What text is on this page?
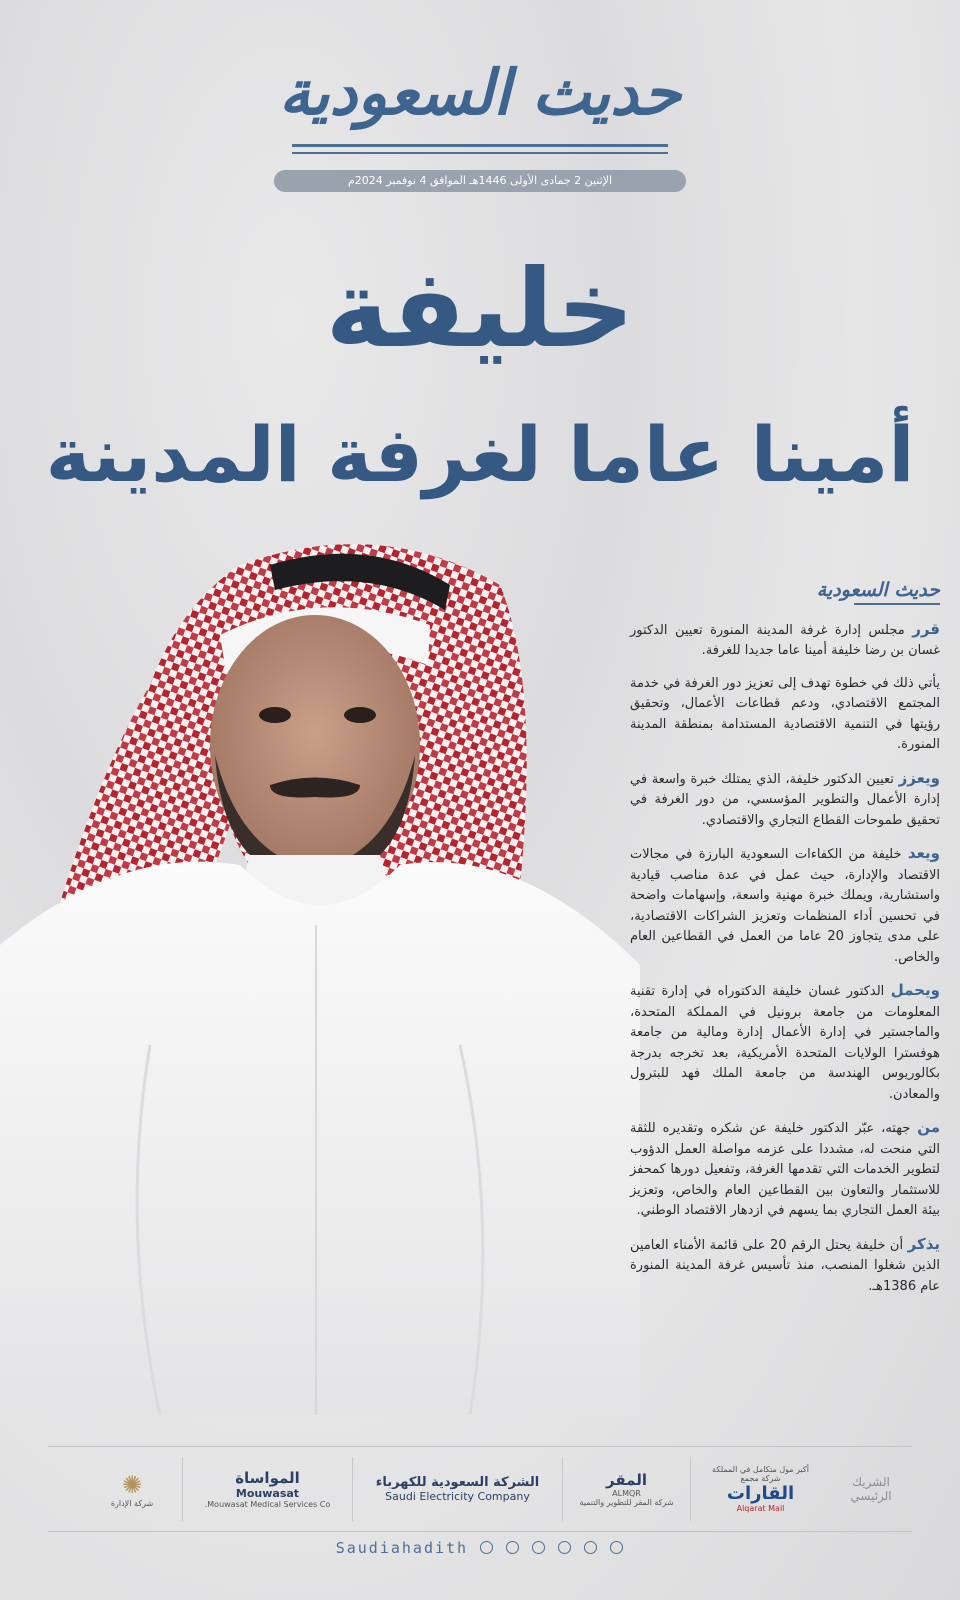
حديث السعودية
الإثنين 2 جمادى الأولى 1446هـ الموافق 4 نوفمبر 2024م
خليفة
أمينا عاما لغرفة المدينة
حديث السعودية

قرر مجلس إدارة غرفة المدينة المنورة تعيين الدكتور غسان بن رضا خليفة أمينا عاما جديدا للغرفة.

يأتي ذلك في خطوة تهدف إلى تعزيز دور الغرفة في خدمة المجتمع الاقتصادي، ودعم قطاعات الأعمال، وتحقيق رؤيتها في التنمية الاقتصادية المستدامة بمنطقة المدينة المنورة.

ويعزز تعيين الدكتور خليفة، الذي يمتلك خبرة واسعة في إدارة الأعمال والتطوير المؤسسي، من دور الغرفة في تحقيق طموحات القطاع التجاري والاقتصادي.

ويعد خليفة من الكفاءات السعودية البارزة في مجالات الاقتصاد والإدارة، حيث عمل في عدة مناصب قيادية واستشارية، ويملك خبرة مهنية واسعة، وإسهامات واضحة في تحسين أداء المنظمات وتعزيز الشراكات الاقتصادية، على مدى يتجاوز 20 عاما من العمل في القطاعين العام والخاص.

ويحمل الدكتور غسان خليفة الدكتوراه في إدارة تقنية المعلومات من جامعة برونيل في المملكة المتحدة، والماجستير في إدارة الأعمال إدارة ومالية من جامعة هوفسترا الولايات المتحدة الأمريكية، بعد تخرجه بدرجة بكالوريوس الهندسة من جامعة الملك فهد للبترول والمعادن.

من جهته، عبّر الدكتور خليفة عن شكره وتقديره للثقة التي منحت له، مشددا على عزمه مواصلة العمل الدؤوب لتطوير الخدمات التي تقدمها الغرفة، وتفعيل دورها كمحفز للاستثمار والتعاون بين القطاعين العام والخاص، وتعزيز بيئة العمل التجاري بما يسهم في ازدهار الاقتصاد الوطني.

يذكر أن خليفة يحتل الرقم 20 على قائمة الأمناء العامين الذين شغلوا المنصب، منذ تأسيس غرفة المدينة المنورة عام 1386هـ.

الشريك الرئيسي
أكبر مول متكامل في المملكة
شركة مجمع
القارات
Alqarat Mall
المقر
ALMQR
شركة المقر للتطوير والتنمية
الشركة السعودية للكهرباء
Saudi Electricity Company
المواساة
Mouwasat
Mouwasat Medical Services Co.
✺
شركة الإدارة
Saudiahadith
